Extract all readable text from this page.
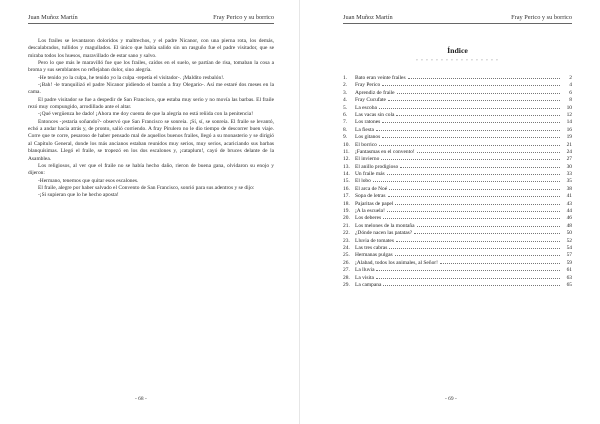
Juan Muñoz Martín	Fray Perico y su borrico

Los frailes se levantaron doloridos y maltrechos, y el padre Nicanor, con una pierna rota, los demás, descalabrados, tullidos y magullados. El único que había salido sin un rasguño fue el padre visitador, que se miraba todos los huesos, maravillado de estar sano y salvo.

Pero lo que más le maravilló fue que los frailes, caídos en el suelo, se partían de risa, tomaban la cosa a broma y sus semblantes no reflejaban dolor, sino alegría.

-He tenido yo la culpa, he tenido yo la culpa -repetía el visitador-. ¡Maldito resbalón!.

-¡Bah! -le tranquilizó el padre Nicanor pidiendo el bastón a fray Olegario-. Así me estaré dos meses en la cama.

El padre visitador se fue a despedir de San Francisco, que estaba muy serio y no movía las barbas. El fraile rezó muy compungido, arrodillado ante el altar.

-¡Qué vergüenza he dado! ¡Ahora me doy cuenta de que la alegría no está reñida con la penitencia!

Entonces -¡estaría soñando?- observó que San Francisco se sonreía. ¡Sí, sí, se sonreía. El fraile se levantó, echó a andar hacia atrás y, de pronto, salió corriendo. A fray Pirulero no le dio tiempo de descorrer buen viaje. Corre que te corre, pesaroso de haber pensado mal de aquellos buenos frailes, llegó a su monasterio y se dirigió al Capítulo General, donde los más ancianos estaban reunidos muy serios, muy serios, acariciando sus barbas blanquísimas. Llegó el fraile, se tropezó en los dos escalones y, ¡cataplum!, cayó de bruces delante de la Asamblea.

Los religiosos, al ver que el fraile no se había hecho daño, rieron de buena gana, olvidaron su enojo y dijeron:

-Hermano, tenemos que quitar esos escalones.

El fraile, alegre por haber salvado el Convento de San Francisco, sonrió para sus adentros y se dijo:

-¡Si supieran que lo he hecho aposta!

- 68 -
Juan Muñoz Martín	Fray Perico y su borrico
Índice
° ° ° ° ° ° ° ° ° ° ° ° ° ° ° ° °
1.	Bato eran veinte frailes	2
2.	Fray Perico	4
3.	Aprendiz de fraile	6
4.	Fray Cucufate	8
5.	La escoba	10
6.	Las vacas sin cola	12
7.	Los ratones	14
8.	La fiesta	16
9.	Los gitanos	19
10. El borrico	21
11. ¡Fantasmas en el convento!	24
12. El invierno	27
13. El anillo prodigioso	30
14. Un fraile más	33
15. El lobo	35
16. El arca de Noé	38
17. Sopa de letras	41
18. Pajaritas de papel	43
19. ¡A la escuela!	44
20. Los deberes	46
21. Los melones de la montaña	48
22. ¿Dónde nacen las patatas?	50
23. Lluvia de tomates	52
24. Las tres cabras	54
25. Hermanas pulgas	57
26. ¡Alabad, todos los animales, al Señor!	59
27. La lluvia	61
28. La visita	63
29. La campana	65
- 69 -
